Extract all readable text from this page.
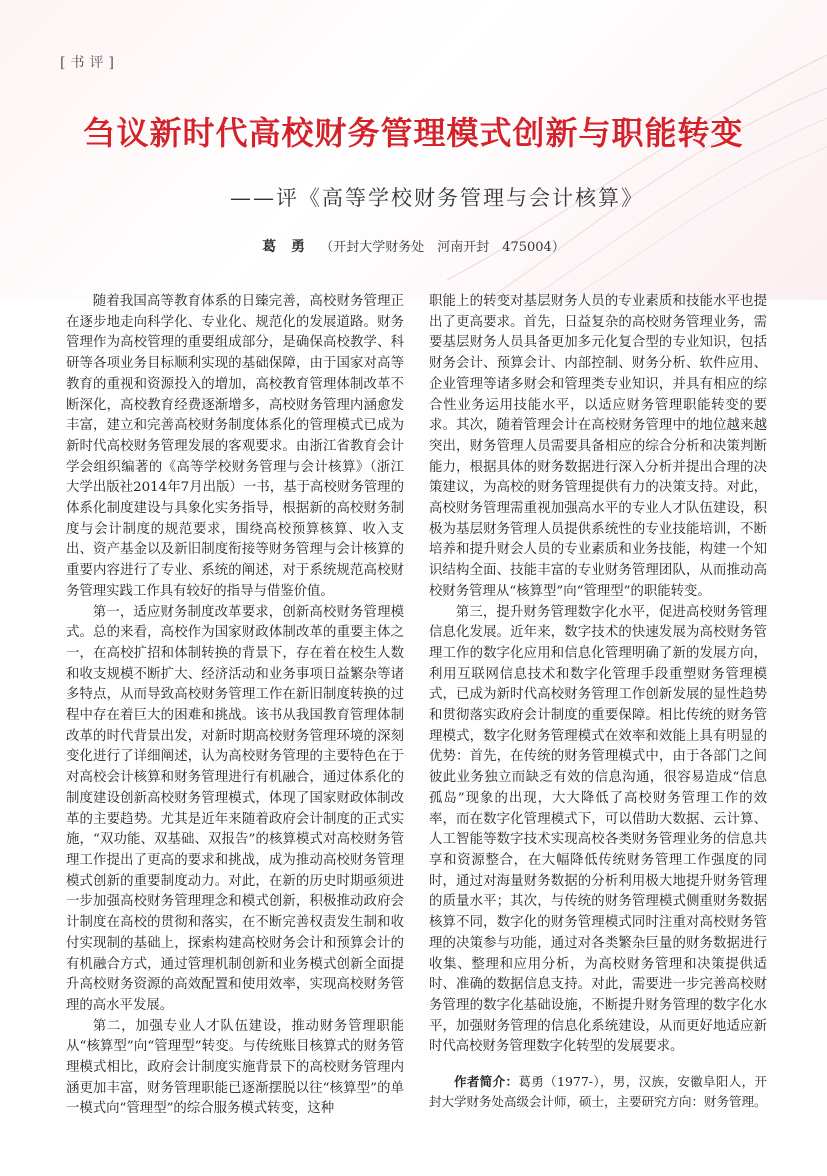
[书评]
刍议新时代高校财务管理模式创新与职能转变
——评《高等学校财务管理与会计核算》
葛 勇 （开封大学财务处　河南开封　475004）

随着我国高等教育体系的日臻完善，高校财务管理正在逐步地走向科学化、专业化、规范化的发展道路。财务管理作为高校管理的重要组成部分，是确保高校教学、科研等各项业务目标顺利实现的基础保障，由于国家对高等教育的重视和资源投入的增加，高校教育管理体制改革不断深化，高校教育经费逐渐增多，高校财务管理内涵愈发丰富，建立和完善高校财务制度体系化的管理模式已成为新时代高校财务管理发展的客观要求。由浙江省教育会计学会组织编著的《高等学校财务管理与会计核算》（浙江大学出版社2014年7月出版）一书，基于高校财务管理的体系化制度建设与具象化实务指导，根据新的高校财务制度与会计制度的规范要求，围绕高校预算核算、收入支出、资产基金以及新旧制度衔接等财务管理与会计核算的重要内容进行了专业、系统的阐述，对于系统规范高校财务管理实践工作具有较好的指导与借鉴价值。

第一，适应财务制度改革要求，创新高校财务管理模式。总的来看，高校作为国家财政体制改革的重要主体之一，在高校扩招和体制转换的背景下，存在着在校生人数和收支规模不断扩大、经济活动和业务事项日益繁杂等诸多特点，从而导致高校财务管理工作在新旧制度转换的过程中存在着巨大的困难和挑战。该书从我国教育管理体制改革的时代背景出发，对新时期高校财务管理环境的深刻变化进行了详细阐述，认为高校财务管理的主要特色在于对高校会计核算和财务管理进行有机融合，通过体系化的制度建设创新高校财务管理模式，体现了国家财政体制改革的主要趋势。尤其是近年来随着政府会计制度的正式实施，“双功能、双基础、双报告”的核算模式对高校财务管理工作提出了更高的要求和挑战，成为推动高校财务管理模式创新的重要制度动力。对此，在新的历史时期亟须进一步加强高校财务管理理念和模式创新，积极推动政府会计制度在高校的贯彻和落实，在不断完善权责发生制和收付实现制的基础上，探索构建高校财务会计和预算会计的有机融合方式，通过管理机制创新和业务模式创新全面提升高校财务资源的高效配置和使用效率，实现高校财务管理的高水平发展。

第二，加强专业人才队伍建设，推动财务管理职能从“核算型”向“管理型”转变。与传统账目核算式的财务管理模式相比，政府会计制度实施背景下的高校财务管理内涵更加丰富，财务管理职能已逐渐摆脱以往“核算型”的单一模式向“管理型”的综合服务模式转变，这种

职能上的转变对基层财务人员的专业素质和技能水平也提出了更高要求。首先，日益复杂的高校财务管理业务，需要基层财务人员具备更加多元化复合型的专业知识，包括财务会计、预算会计、内部控制、财务分析、软件应用、企业管理等诸多财会和管理类专业知识，并具有相应的综合性业务运用技能水平，以适应财务管理职能转变的要求。其次，随着管理会计在高校财务管理中的地位越来越突出，财务管理人员需要具备相应的综合分析和决策判断能力，根据具体的财务数据进行深入分析并提出合理的决策建议，为高校的财务管理提供有力的决策支持。对此，高校财务管理需重视加强高水平的专业人才队伍建设，积极为基层财务管理人员提供系统性的专业技能培训，不断培养和提升财会人员的专业素质和业务技能，构建一个知识结构全面、技能丰富的专业财务管理团队，从而推动高校财务管理从“核算型”向“管理型”的职能转变。

第三，提升财务管理数字化水平，促进高校财务管理信息化发展。近年来，数字技术的快速发展为高校财务管理工作的数字化应用和信息化管理明确了新的发展方向，利用互联网信息技术和数字化管理手段重塑财务管理模式，已成为新时代高校财务管理工作创新发展的显性趋势和贯彻落实政府会计制度的重要保障。相比传统的财务管理模式，数字化财务管理模式在效率和效能上具有明显的优势：首先，在传统的财务管理模式中，由于各部门之间彼此业务独立而缺乏有效的信息沟通，很容易造成“信息孤岛”现象的出现，大大降低了高校财务管理工作的效率，而在数字化管理模式下，可以借助大数据、云计算、人工智能等数字技术实现高校各类财务管理业务的信息共享和资源整合，在大幅降低传统财务管理工作强度的同时，通过对海量财务数据的分析利用极大地提升财务管理的质量水平；其次，与传统的财务管理模式侧重财务数据核算不同，数字化的财务管理模式同时注重对高校财务管理的决策参与功能，通过对各类繁杂巨量的财务数据进行收集、整理和应用分析，为高校财务管理和决策提供适时、准确的数据信息支持。对此，需要进一步完善高校财务管理的数字化基础设施，不断提升财务管理的数字化水平，加强财务管理的信息化系统建设，从而更好地适应新时代高校财务管理数字化转型的发展要求。

作者简介：葛勇（1977-），男，汉族，安徽阜阳人，开封大学财务处高级会计师，硕士，主要研究方向：财务管理。
